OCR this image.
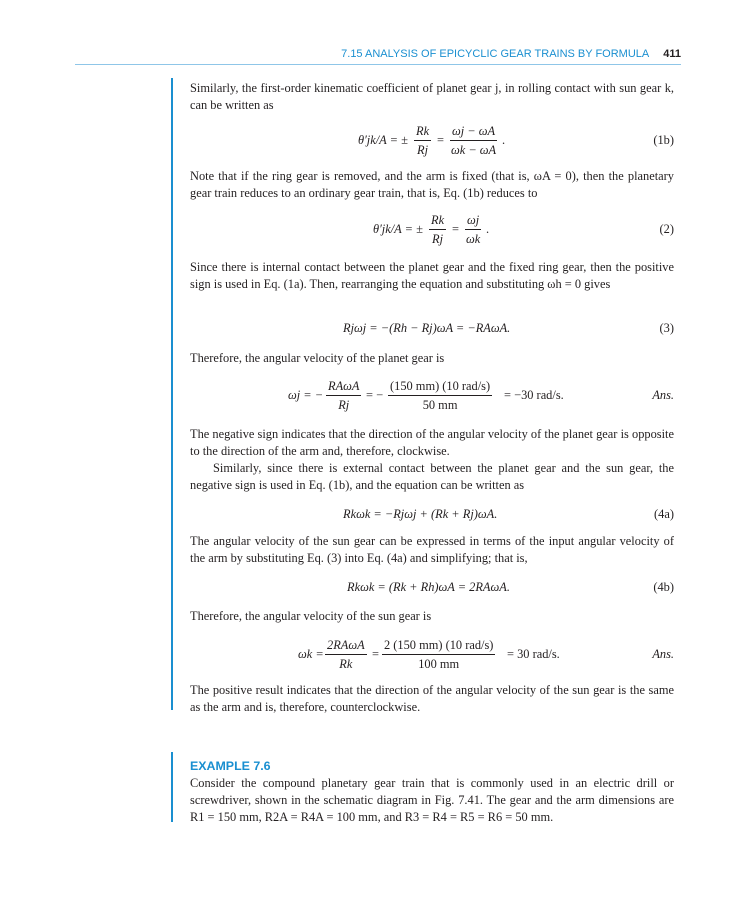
7.15 ANALYSIS OF EPICYCLIC GEAR TRAINS BY FORMULA 411
Similarly, the first-order kinematic coefficient of planet gear j, in rolling contact with sun gear k, can be written as
θ′jk/A = ± $\frac{Rk}{Rj} = \frac{\omega j - \omega A}{\omega k - \omega A}$ .	(1b)
Note that if the ring gear is removed, and the arm is fixed (that is, ωA = 0), then the planetary gear train reduces to an ordinary gear train, that is, Eq. (1b) reduces to
θ′jk/A = ± $\frac{Rk}{Rj} = \frac{\omega j}{\omega k}$ .	(2)
Since there is internal contact between the planet gear and the fixed ring gear, then the positive sign is used in Eq. (1a). Then, rearranging the equation and substituting ωh = 0 gives
Rjωj = −(Rh − Rj)ωA = −RAωA.	(3)
Therefore, the angular velocity of the planet gear is
ωj = −
RAωA
Rj
= −
(150 mm) (10 rad/s)
50 mm
= −30 rad/s.	Ans.
The negative sign indicates that the direction of the angular velocity of the planet gear is opposite to the direction of the arm and, therefore, clockwise.
Similarly, since there is external contact between the planet gear and the sun gear, the negative sign is used in Eq. (1b), and the equation can be written as
Rkωk = −Rjωj + (Rk + Rj)ωA.	(4a)
The angular velocity of the sun gear can be expressed in terms of the input angular velocity of the arm by substituting Eq. (3) into Eq. (4a) and simplifying; that is,
Rkωk = (Rk + Rh)ωA = 2RAωA.	(4b)
Therefore, the angular velocity of the sun gear is
ωk =
2RAωA
Rk
=
2 (150 mm) (10 rad/s)
100 mm
= 30 rad/s.	Ans.
The positive result indicates that the direction of the angular velocity of the sun gear is the same as the arm and is, therefore, counterclockwise.
EXAMPLE 7.6
Consider the compound planetary gear train that is commonly used in an electric drill or screwdriver, shown in the schematic diagram in Fig. 7.41. The gear and the arm dimensions are R1 = 150 mm, R2A = R4A = 100 mm, and R3 = R4 = R5 = R6 = 50 mm.
